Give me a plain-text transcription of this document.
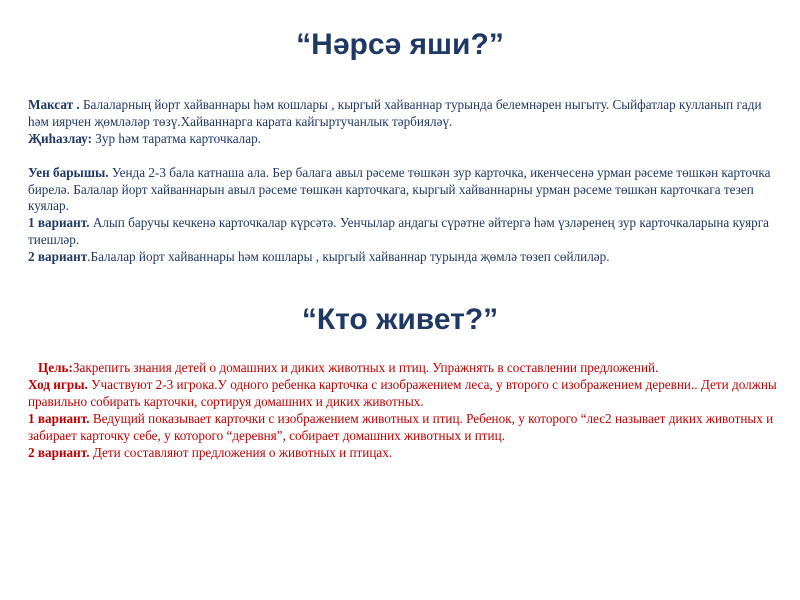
“Нәрсә яши?”

Максат . Балаларның йорт хайваннары һәм кошлары , кыргый хайваннар турында белемнәрен ныгыту. Сыйфатлар кулланып гади һәм иярчен җөмләләр төзү.Хайваннарга карата кайгыртучанлык тәрбияләү.

Җиһазлау: Зур һәм таратма карточкалар.

Уен барышы. Уенда 2-3 бала катнаша ала. Бер балага авыл рәсеме төшкән зур карточка, икенчесенә урман рәсеме төшкән карточка бирелә. Балалар йорт хайваннарын авыл рәсеме төшкән карточкага, кыргый хайваннарны урман рәсеме төшкән карточкага тезеп куялар.

1 вариант. Алып баручы кечкенә карточкалар күрсәтә. Уенчылар андагы сүрәтне әйтергә һәм үзләренең зур карточкаларына куярга тиешләр.

2 вариант.Балалар йорт хайваннары һәм кошлары , кыргый хайваннар турында җөмлә төзеп сөйлиләр.

“Кто живет?”

Цель:Закрепить знания детей о домашних и диких животных и птиц. Упражнять в составлении предложений.

Ход игры. Участвуют 2-3 игрока.У одного ребенка карточка с изображением леса, у второго с изображением деревни.. Дети должны правильно собирать карточки, сортируя домашних и диких животных.

1 вариант. Ведущий показывает карточки с изображением животных и птиц. Ребенок, у которого “лес2 называет диких животных и забирает карточку себе, у которого “деревня”, собирает домашних животных и птиц.

2 вариант. Дети составляют предложения о животных и птицах.
